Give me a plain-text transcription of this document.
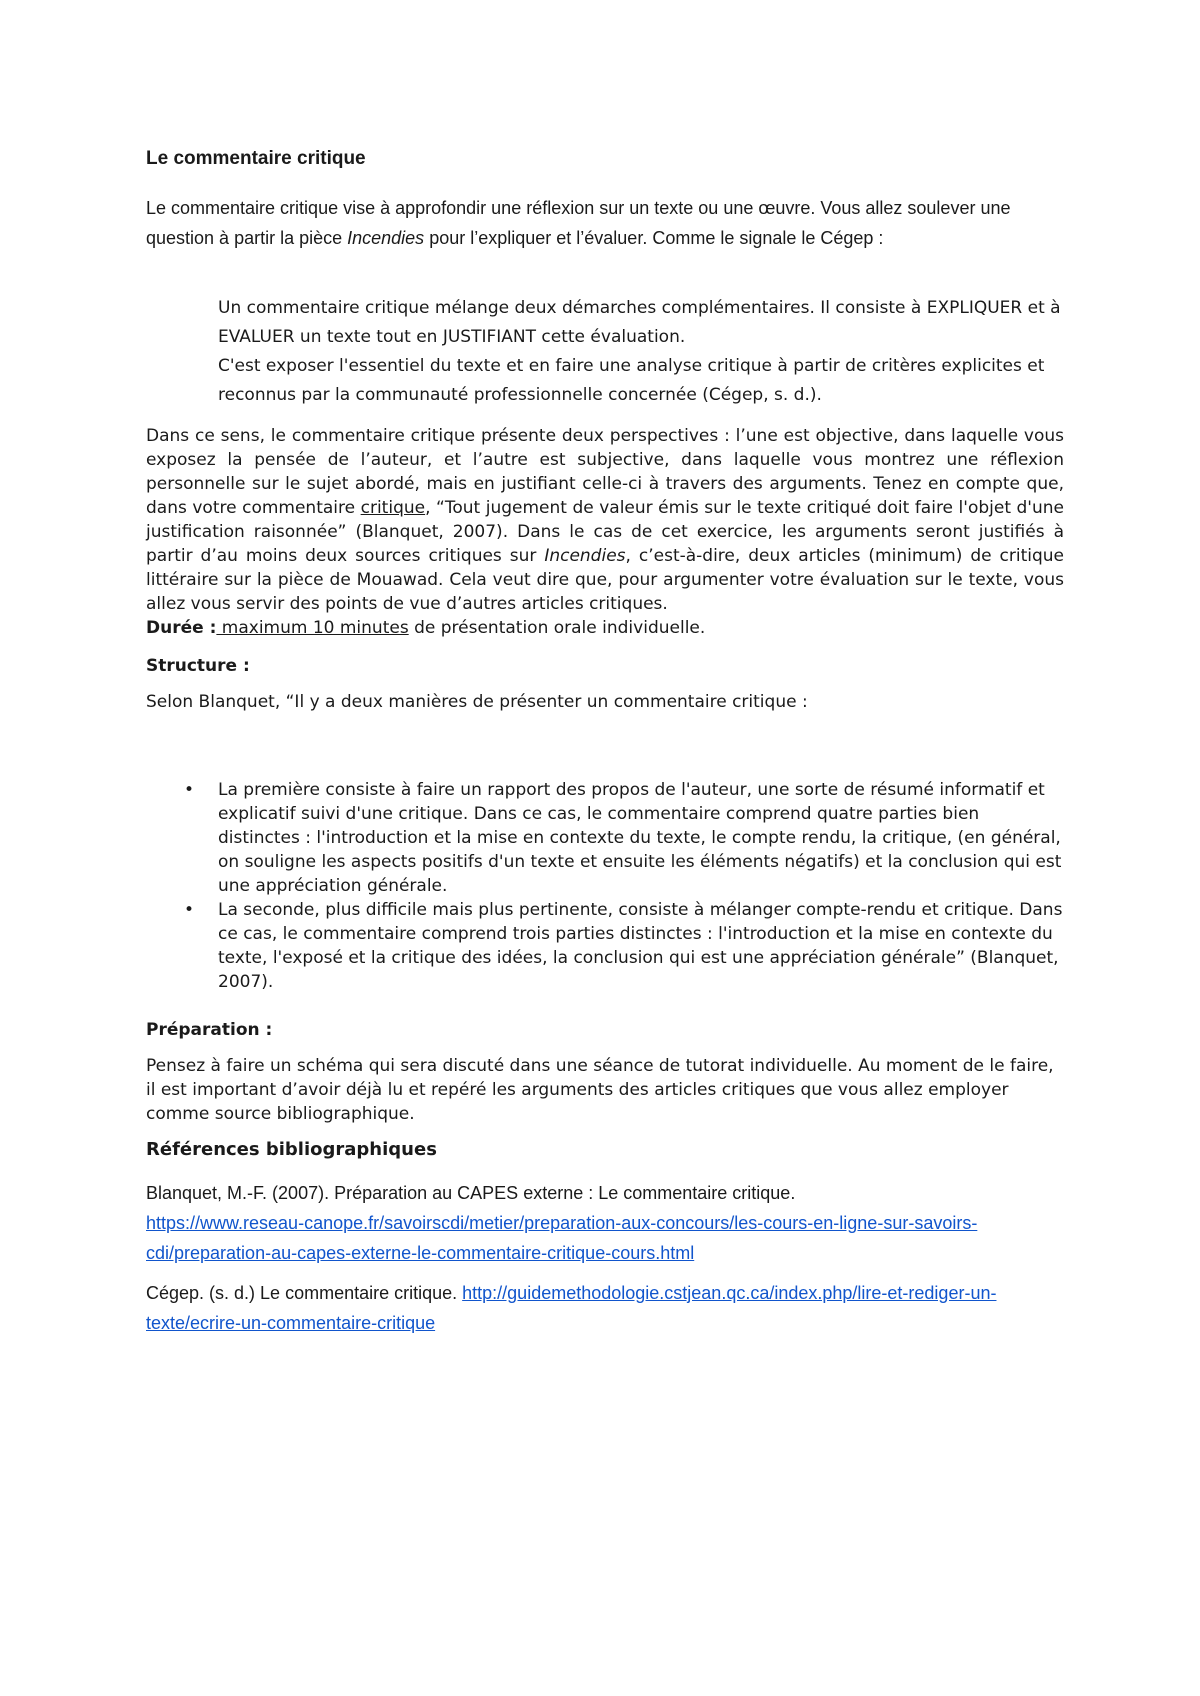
Le commentaire critique

Le commentaire critique vise à approfondir une réflexion sur un texte ou une œuvre. Vous allez soulever une question à partir la pièce Incendies pour l’expliquer et l’évaluer. Comme le signale le Cégep :

Un commentaire critique mélange deux démarches complémentaires. Il consiste à EXPLIQUER et à EVALUER un texte tout en JUSTIFIANT cette évaluation.

C'est exposer l'essentiel du texte et en faire une analyse critique à partir de critères explicites et reconnus par la communauté professionnelle concernée (Cégep, s. d.).

Dans ce sens, le commentaire critique présente deux perspectives : l’une est objective, dans laquelle vous exposez la pensée de l’auteur, et l’autre est subjective, dans laquelle vous montrez une réflexion personnelle sur le sujet abordé, mais en justifiant celle-ci à travers des arguments. Tenez en compte que, dans votre commentaire critique, “Tout jugement de valeur émis sur le texte critiqué doit faire l'objet d'une justification raisonnée” (Blanquet, 2007). Dans le cas de cet exercice, les arguments seront justifiés à partir d’au moins deux sources critiques sur Incendies, c’est-à-dire, deux articles (minimum) de critique littéraire sur la pièce de Mouawad. Cela veut dire que, pour argumenter votre évaluation sur le texte, vous allez vous servir des points de vue d’autres articles critiques.

Durée : maximum 10 minutes de présentation orale individuelle.

Structure :

Selon Blanquet, “Il y a deux manières de présenter un commentaire critique :

• La première consiste à faire un rapport des propos de l'auteur, une sorte de résumé informatif et explicatif suivi d'une critique. Dans ce cas, le commentaire comprend quatre parties bien distinctes : l'introduction et la mise en contexte du texte, le compte rendu, la critique, (en général, on souligne les aspects positifs d'un texte et ensuite les éléments négatifs) et la conclusion qui est une appréciation générale.
• La seconde, plus difficile mais plus pertinente, consiste à mélanger compte-rendu et critique. Dans ce cas, le commentaire comprend trois parties distinctes : l'introduction et la mise en contexte du texte, l'exposé et la critique des idées, la conclusion qui est une appréciation générale” (Blanquet, 2007).

Préparation :

Pensez à faire un schéma qui sera discuté dans une séance de tutorat individuelle. Au moment de le faire, il est important d’avoir déjà lu et repéré les arguments des articles critiques que vous allez employer comme source bibliographique.

Références bibliographiques

Blanquet, M.-F. (2007). Préparation au CAPES externe : Le commentaire critique.
https://www.reseau-canope.fr/savoirscdi/metier/preparation-aux-concours/les-cours-en-ligne-sur-savoirs-cdi/preparation-au-capes-externe-le-commentaire-critique-cours.html

Cégep. (s. d.) Le commentaire critique. http://guidemethodologie.cstjean.qc.ca/index.php/lire-et-rediger-un-texte/ecrire-un-commentaire-critique
